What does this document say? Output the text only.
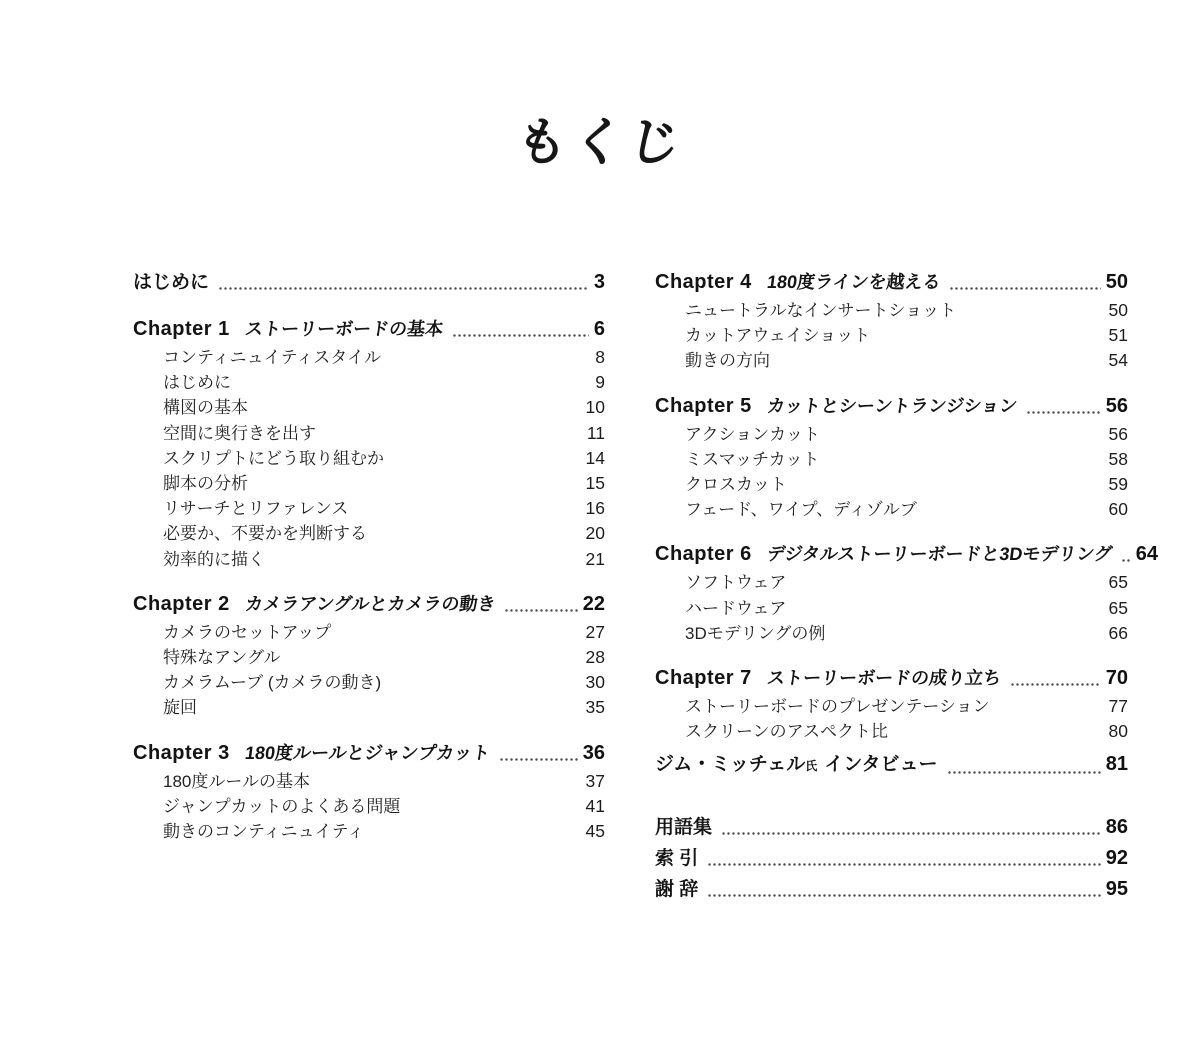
もくじ
はじめに	3
Chapter 1 ストーリーボードの基本	6
コンティニュイティスタイル	8
はじめに	9
構図の基本	10
空間に奥行きを出す	11
スクリプトにどう取り組むか	14
脚本の分析	15
リサーチとリファレンス	16
必要か、不要かを判断する	20
効率的に描く	21
Chapter 2 カメラアングルとカメラの動き	22
カメラのセットアップ	27
特殊なアングル	28
カメラムーブ (カメラの動き)	30
旋回	35
Chapter 3 180度ルールとジャンプカット	36
180度ルールの基本	37
ジャンプカットのよくある問題	41
動きのコンティニュイティ	45
Chapter 4 180度ラインを越える	50
ニュートラルなインサートショット	50
カットアウェイショット	51
動きの方向	54
Chapter 5 カットとシーントランジション	56
アクションカット	56
ミスマッチカット	58
クロスカット	59
フェード、ワイプ、ディゾルブ	60
Chapter 6 デジタルストーリーボードと3Dモデリング 64
ソフトウェア	65
ハードウェア	65
3Dモデリングの例	66
Chapter 7 ストーリーボードの成り立ち	70
ストーリーボードのプレゼンテーション	77
スクリーンのアスペクト比	80
ジム・ミッチェル 氏 インタビュー	81
用語集	86
索 引	92
謝 辞	95
